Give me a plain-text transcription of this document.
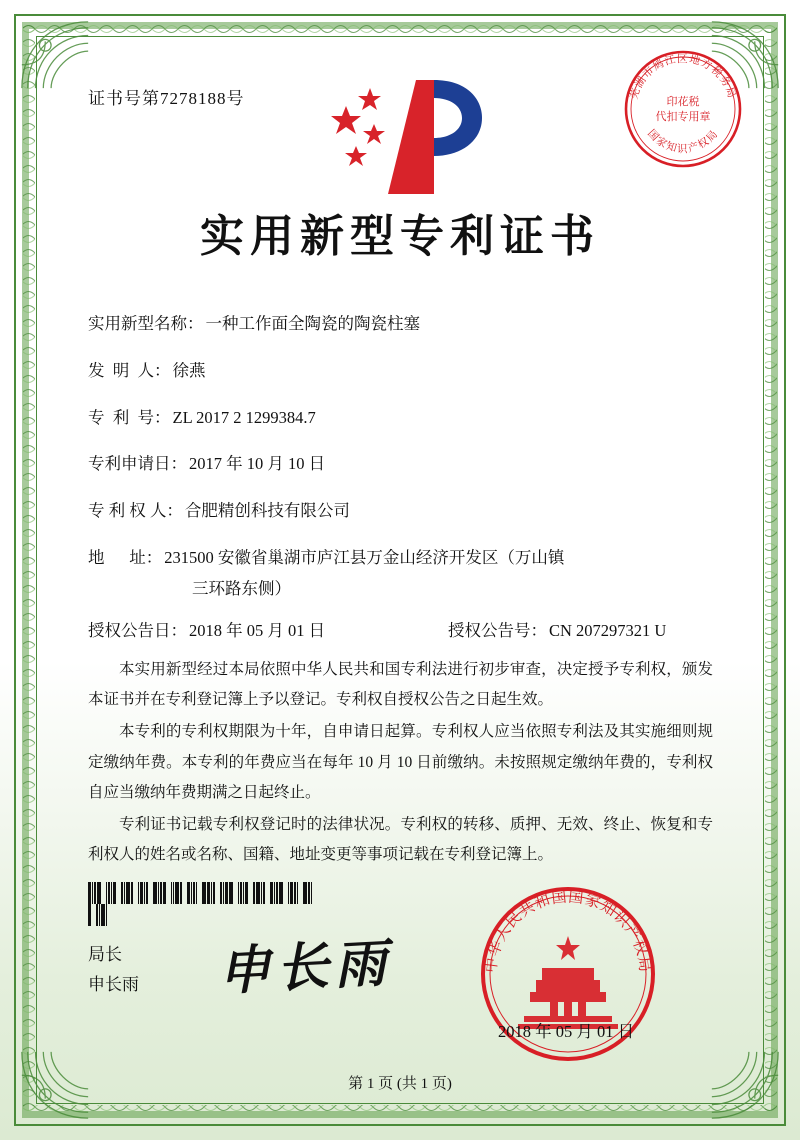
证书号第7278188号	芜湖市鸠江区地方税务局
国家知识产权局
印花税
代扣专用章
实用新型专利证书
实用新型名称： 一种工作面全陶瓷的陶瓷柱塞
发  明  人： 徐燕
专  利  号： ZL 2017 2 1299384.7
专利申请日： 2017 年 10 月 10 日
专 利 权 人： 合肥精创科技有限公司
地      址： 231500 安徽省巢湖市庐江县万金山经济开发区（万山镇
三环路东侧）
授权公告日： 2018 年 05 月 01 日	授权公告号： CN 207297321 U

本实用新型经过本局依照中华人民共和国专利法进行初步审查，决定授予专利权，颁发本证书并在专利登记簿上予以登记。专利权自授权公告之日起生效。

本专利的专利权期限为十年，自申请日起算。专利权人应当依照专利法及其实施细则规定缴纳年费。本专利的年费应当在每年 10 月 10 日前缴纳。未按照规定缴纳年费的，专利权自应当缴纳年费期满之日起终止。

专利证书记载专利权登记时的法律状况。专利权的转移、质押、无效、终止、恢复和专利权人的姓名或名称、国籍、地址变更等事项记载在专利登记簿上。

局长
申长雨 申长雨	中华人民共和国国家知识产权局
2018 年 05 月 01 日
第 1 页 (共 1 页)
